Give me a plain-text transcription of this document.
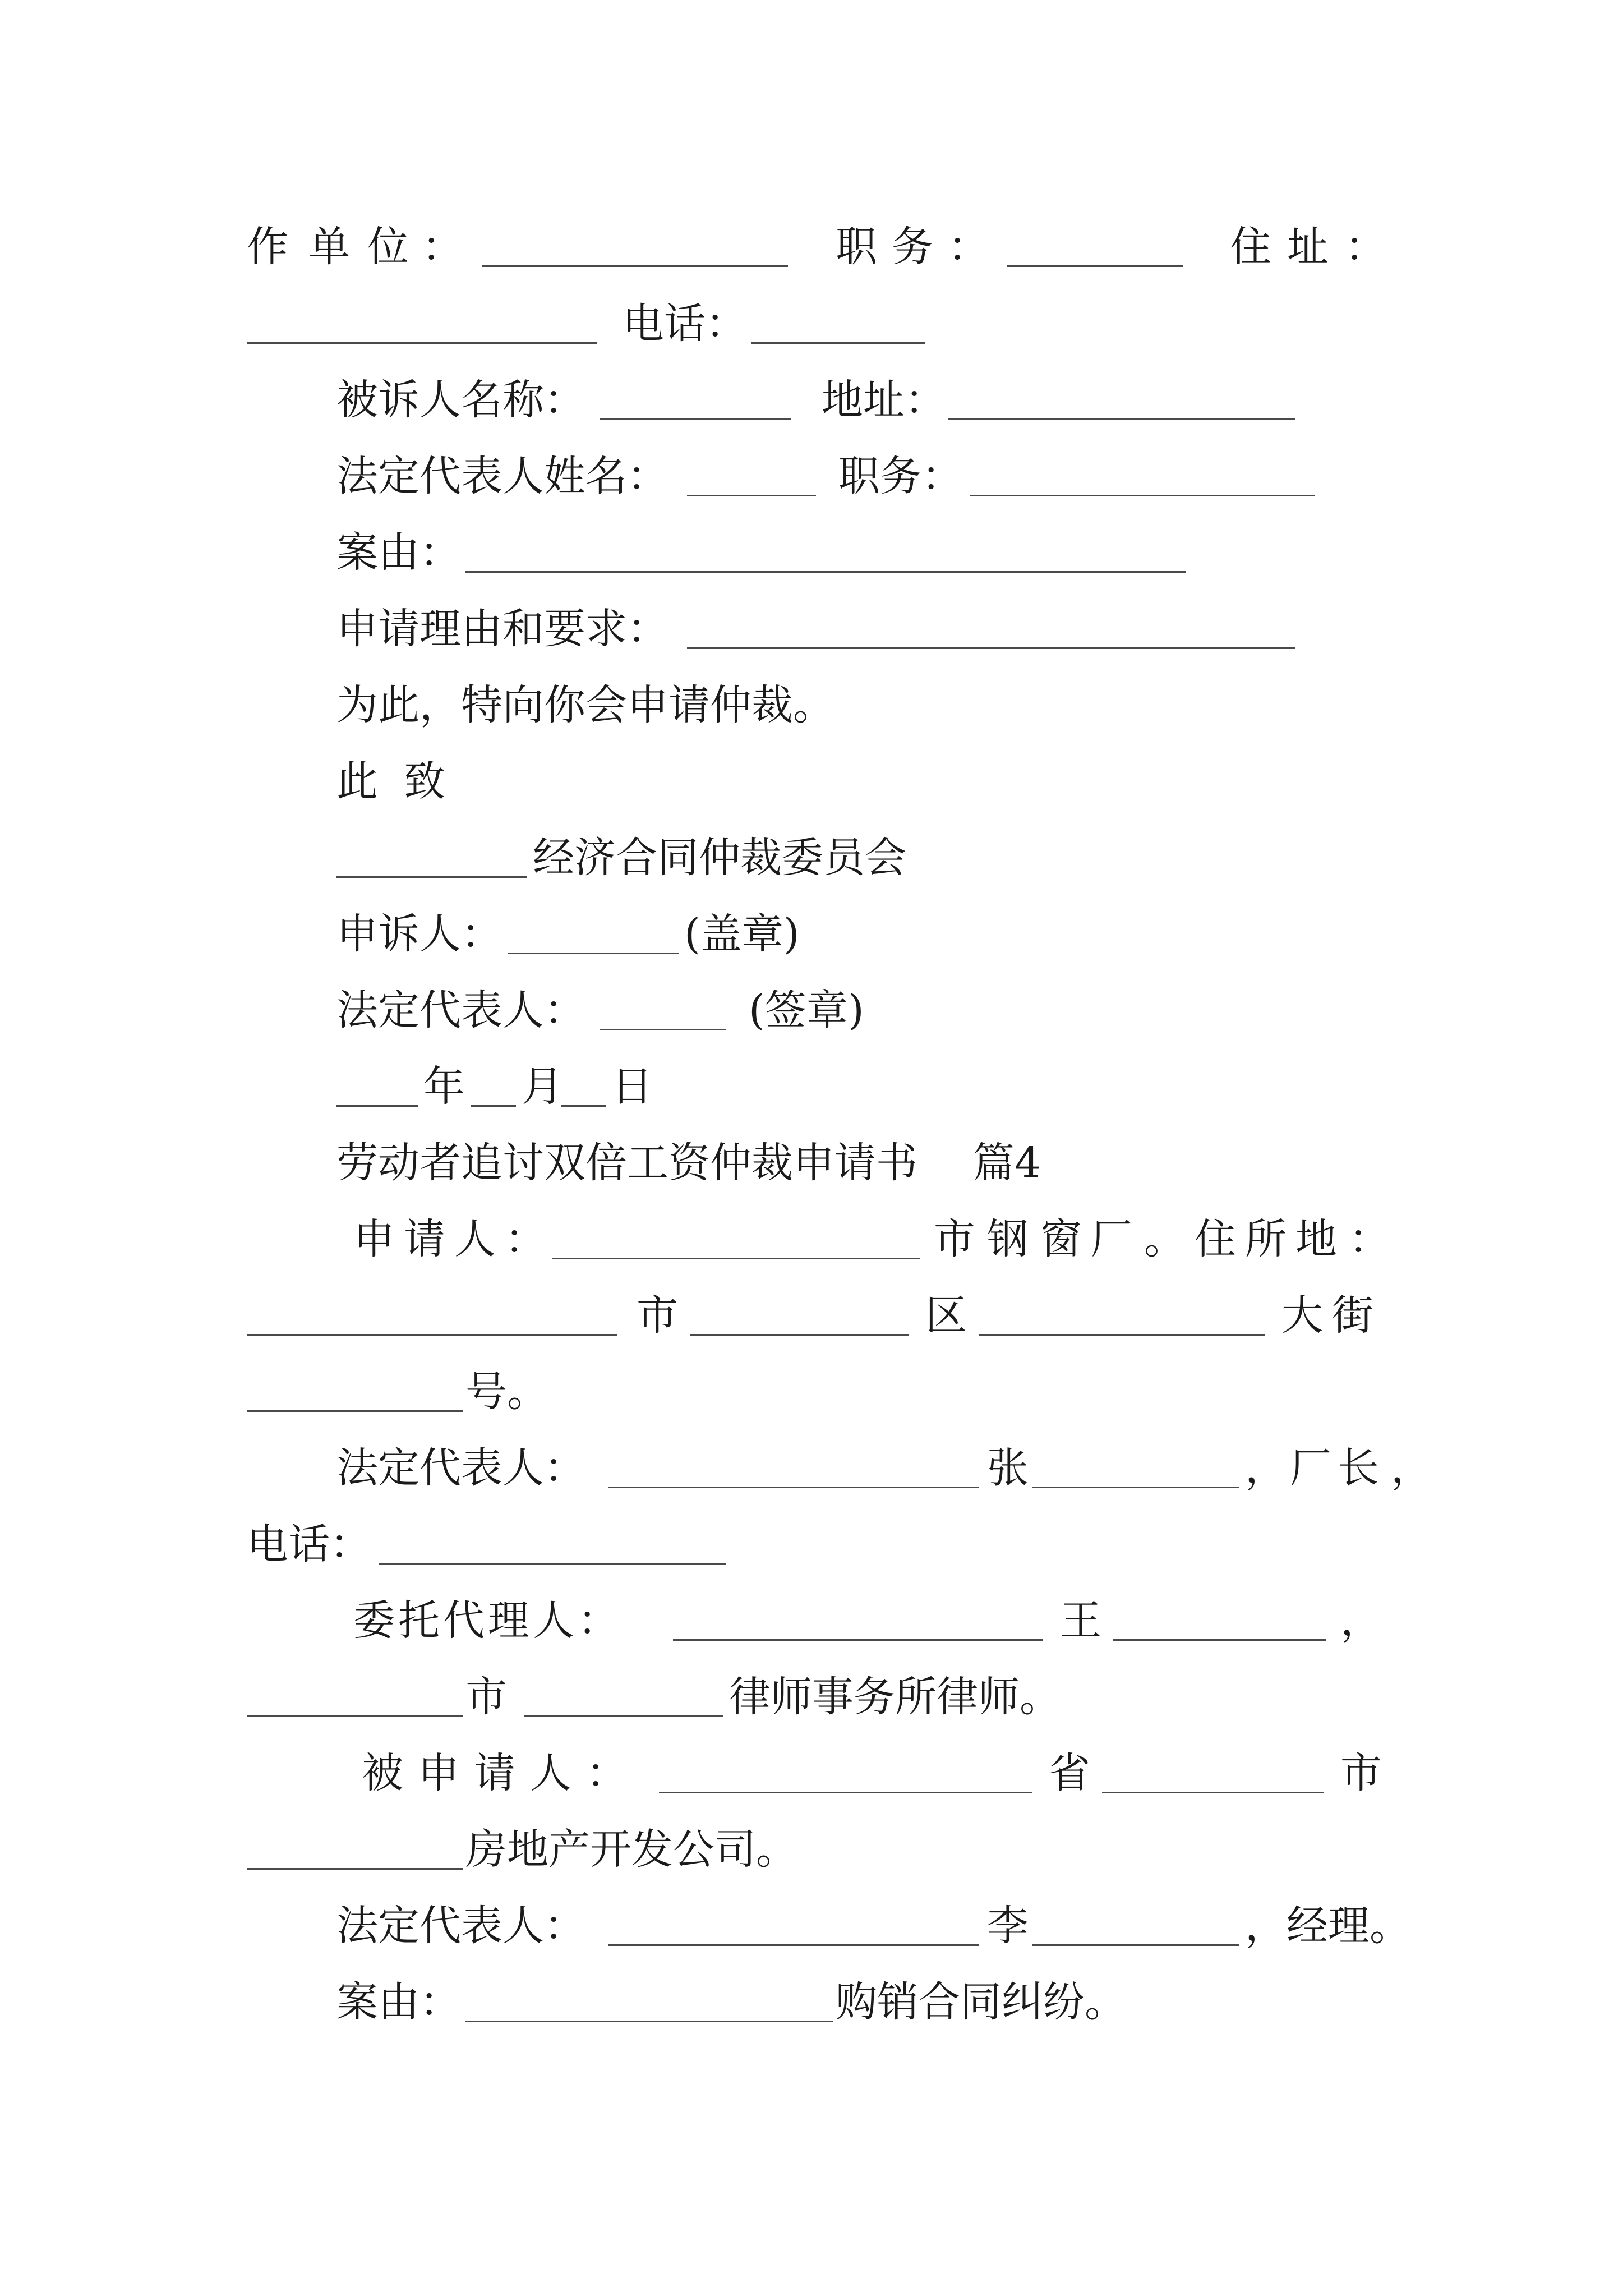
作 单 位 ：	职 务 ：	住 址 ：
电话：
被诉人名称：	地址：
法定代表人姓名：	职务：
案由：
申请理由和要求：
为此，特向你会申请仲裁。
此 致
经济合同仲裁委员会
申诉人：	(盖章)
法定代表人：	(签章)
年 月 日
劳动者追讨双倍工资仲裁申请书 篇4
申 请 人 ：	市 钢 窗 厂 。 住 所 地 ：
市	区	大 街
号。
法定代表人：	张	， 厂 长 ，
电话：
委 托 代 理 人 ：	王	，
市	律师事务所律师。
被 申 请 人 ：	省	市
房地产开发公司。
法定代表人：	李	，经理。
案由：	购销合同纠纷。
